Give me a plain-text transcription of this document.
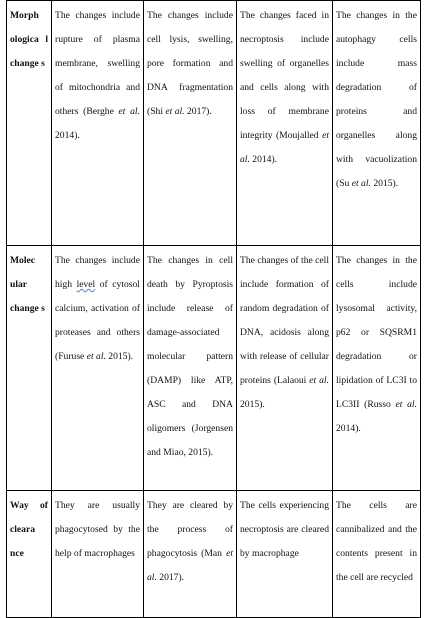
Morph ologica l change s	The changes include rupture of plasma membrane, swelling of mitochondria and others (Berghe et al. 2014).	The changes include cell lysis, swelling, pore formation and DNA fragmentation (Shi et al. 2017).	The changes faced in necroptosis include swelling of organelles and cells along with loss of membrane integrity (Moujalled et al. 2014).	The changes in the autophagy cells include mass degradation of proteins and organelles along with vacuolization (Su et al. 2015).
Molec ular change s	The changes include high level of cytosol calcium, activation of proteases and others (Furuse et al. 2015).	The changes in cell death by Pyroptosis include release of damage-associated molecular pattern (DAMP) like ATP, ASC and DNA oligomers (Jorgensen and Miao, 2015).	The changes of the cell include formation of random degradation of DNA, acidosis along with release of cellular proteins (Lalaoui et al. 2015).	The changes in the cells include lysosomal activity, p62 or SQSRM1 degradation or lipidation of LC3I to LC3II (Russo et al. 2014).
Way of cleara nce	They are usually phagocytosed by the help of macrophages	They are cleared by the process of phagocytosis (Man et al. 2017).	The cells experiencing necroptosis are cleared by macrophage	The cells are cannibalized and the contents present in the cell are recycled
